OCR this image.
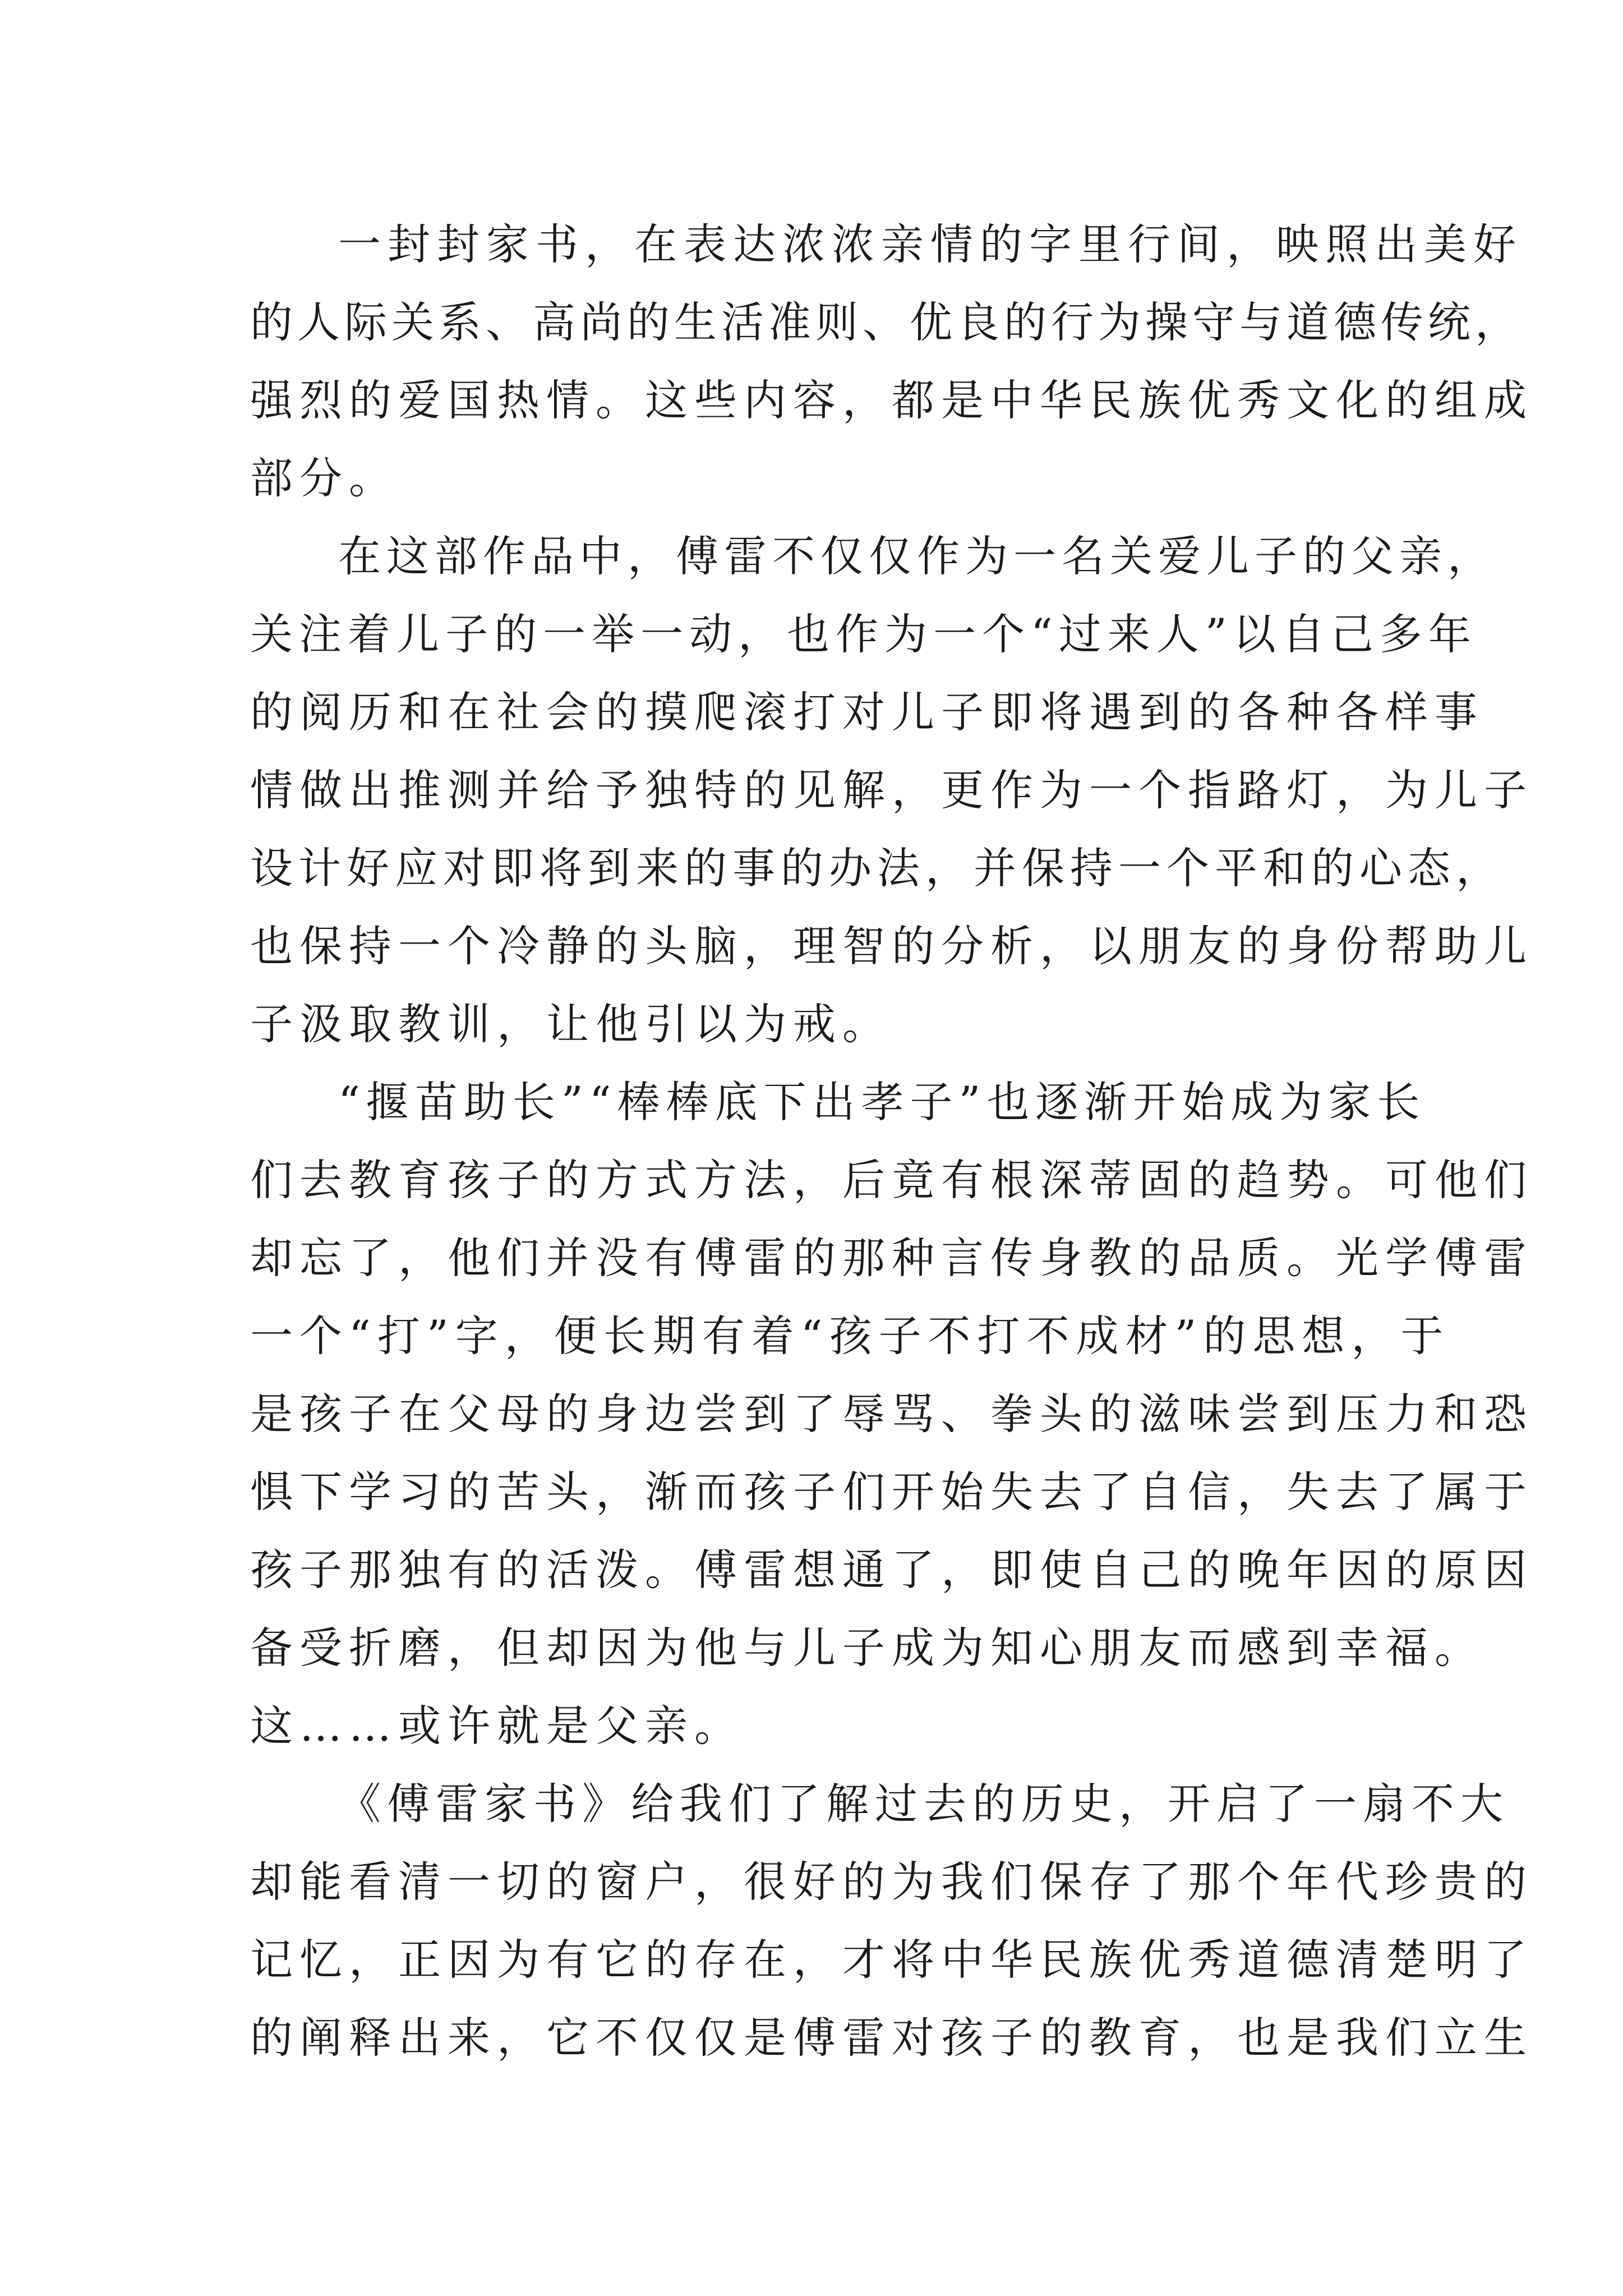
一封封家书，在表达浓浓亲情的字里行间，映照出美好

的人际关系、高尚的生活准则、优良的行为操守与道德传统，

强烈的爱国热情。这些内容，都是中华民族优秀文化的组成

部分。

在这部作品中，傅雷不仅仅作为一名关爱儿子的父亲，

关注着儿子的一举一动，也作为一个“过来人”以自己多年

的阅历和在社会的摸爬滚打对儿子即将遇到的各种各样事

情做出推测并给予独特的见解，更作为一个指路灯，为儿子

设计好应对即将到来的事的办法，并保持一个平和的心态，

也保持一个冷静的头脑，理智的分析，以朋友的身份帮助儿

子汲取教训，让他引以为戒。

“揠苗助长”“棒棒底下出孝子”也逐渐开始成为家长

们去教育孩子的方式方法，后竟有根深蒂固的趋势。可他们

却忘了，他们并没有傅雷的那种言传身教的品质。光学傅雷

一个“打”字，便长期有着“孩子不打不成材”的思想，于

是孩子在父母的身边尝到了辱骂、拳头的滋味尝到压力和恐

惧下学习的苦头，渐而孩子们开始失去了自信，失去了属于

孩子那独有的活泼。傅雷想通了，即使自己的晚年因的原因

备受折磨，但却因为他与儿子成为知心朋友而感到幸福。

这……或许就是父亲。

《傅雷家书》给我们了解过去的历史，开启了一扇不大

却能看清一切的窗户，很好的为我们保存了那个年代珍贵的

记忆，正因为有它的存在，才将中华民族优秀道德清楚明了

的阐释出来，它不仅仅是傅雷对孩子的教育，也是我们立生
